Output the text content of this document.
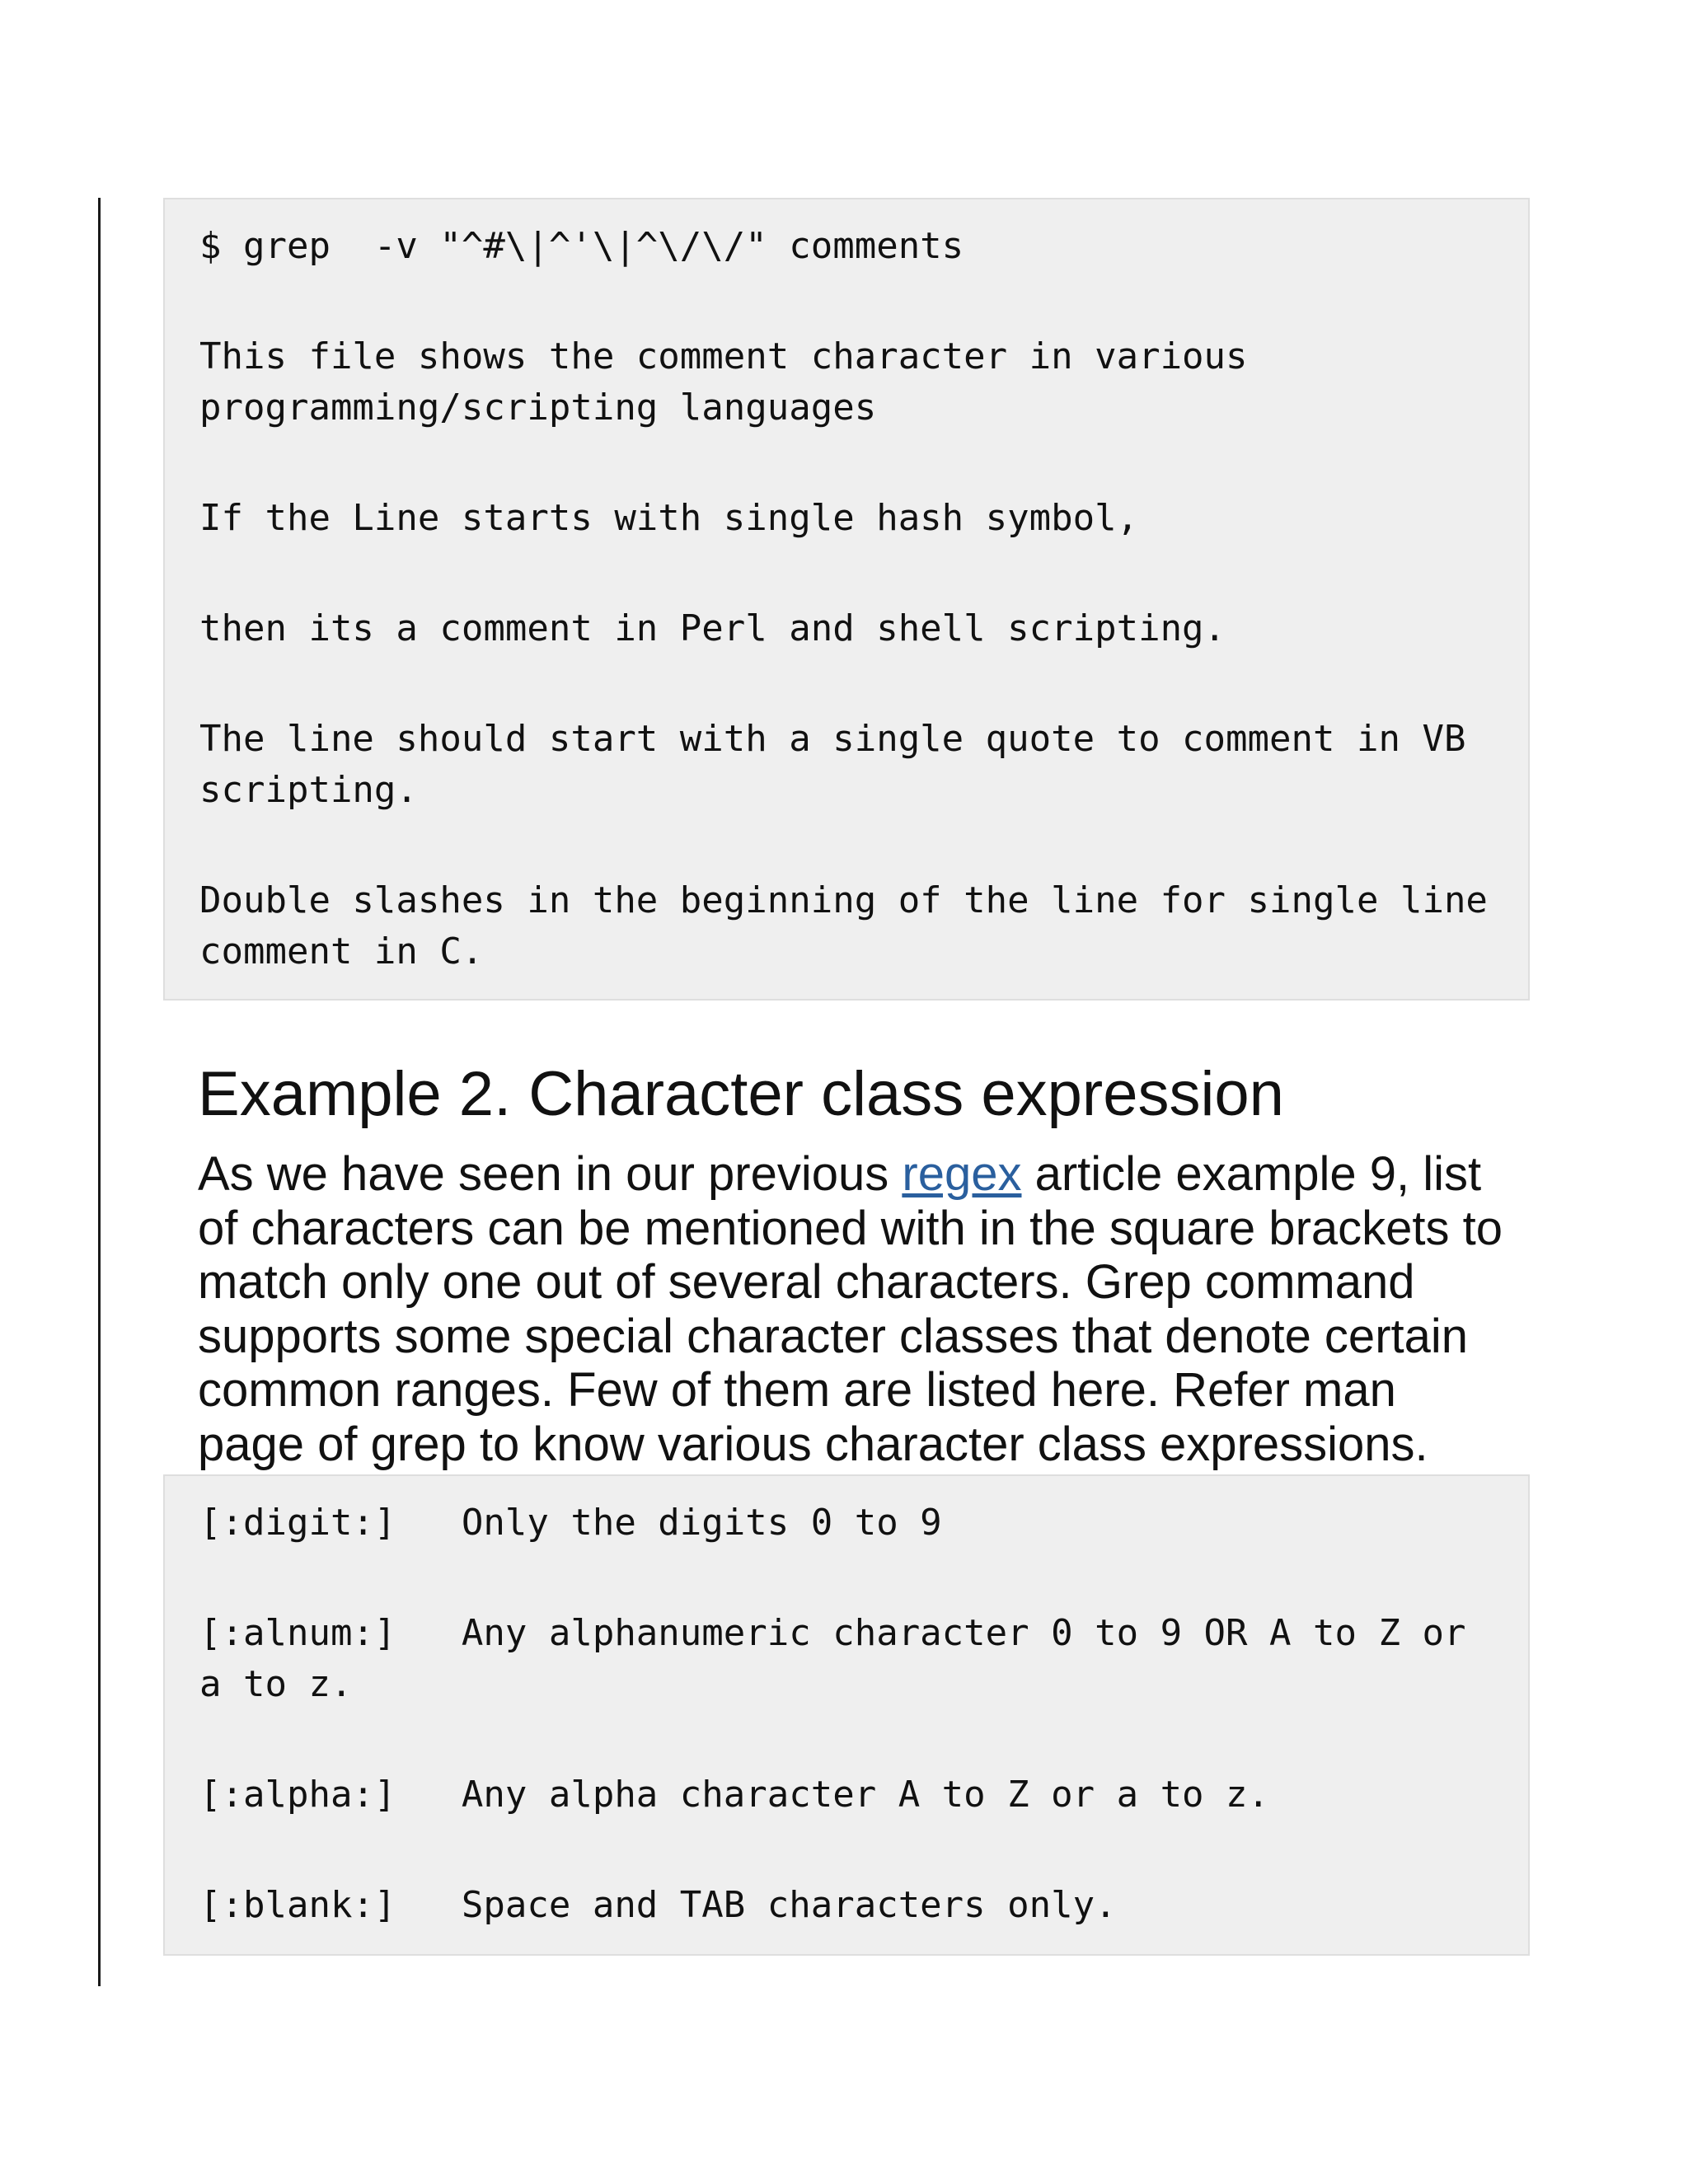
$ grep  -v "^#\|^'\|^\/\/" comments

This file shows the comment character in various programming/scripting languages

If the Line starts with single hash symbol,

then its a comment in Perl and shell scripting.

The line should start with a single quote to comment in VB scripting.

Double slashes in the beginning of the line for single line comment in C.

Example 2. Character class expression

As we have seen in our previous regex article example 9, list
of characters can be mentioned with in the square brackets to
match only one out of several characters. Grep command
supports some special character classes that denote certain
common ranges. Few of them are listed here. Refer man
page of grep to know various character class expressions.

[:digit:]   Only the digits 0 to 9

[:alnum:]   Any alphanumeric character 0 to 9 OR A to Z or a to z.

[:alpha:]   Any alpha character A to Z or a to z.

[:blank:]   Space and TAB characters only.
